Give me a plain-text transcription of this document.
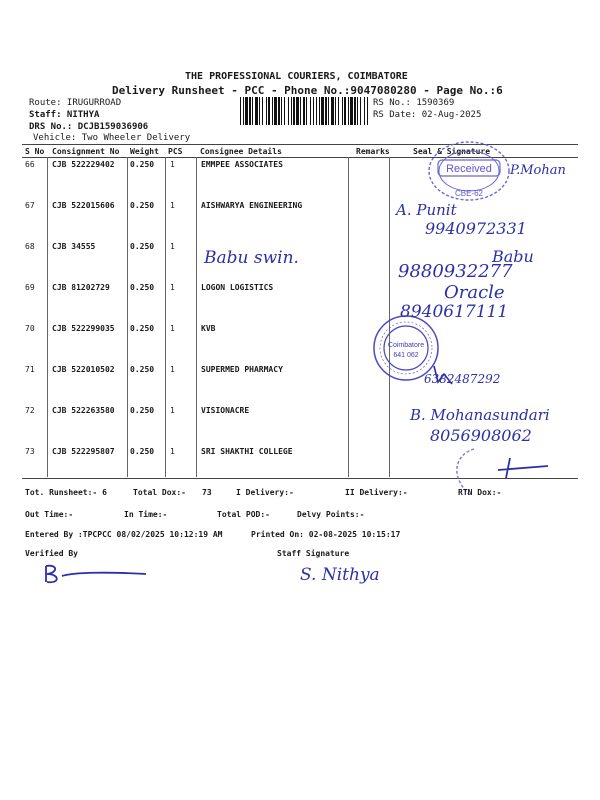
THE PROFESSIONAL COURIERS, COIMBATORE
Delivery Runsheet - PCC - Phone No.:9047080280 - Page No.:6
Route: IRUGURROAD
Staff: NITHYA
DRS No.: DCJB159036906
Vehicle: Two Wheeler Delivery
RS No.: 1590369
RS Date: 02-Aug-2025
S No Consignment No Weight PCS Consignee Details	Remarks	Seal & Signature
66 CJB 522229402 0.250 1	EMMPEE ASSOCIATES
67 CJB 522015606 0.250 1	AISHWARYA ENGINEERING
68 CJB 34555	0.250 1
69 CJB 81202729	0.250 1	LOGON LOGISTICS
70 CJB 522299035 0.250 1	KVB
71 CJB 522010502 0.250 1	SUPERMED PHARMACY
72 CJB 522263580 0.250 1	VISIONACRE
73 CJB 522295807 0.250 1	SRI SHAKTHI COLLEGE
Received
CBE-62
Coimbatore
641 062
P.Mohan
A. Punit
9940972331
Babu swin.	Babu
9880932277
Oracle
8940617111
6382487292
B. Mohanasundari
8056908062
Tot. Runsheet:- 6	Total Dox:- 73	I Delivery:-	II Delivery:-	RTN Dox:-
Out Time:-	In Time:-	Total POD:-	Delvy Points:-
Entered By :TPCPCC 08/02/2025 10:12:19 AM	Printed On: 02-08-2025 10:15:17
Verified By	Staff Signature
S. Nithya
